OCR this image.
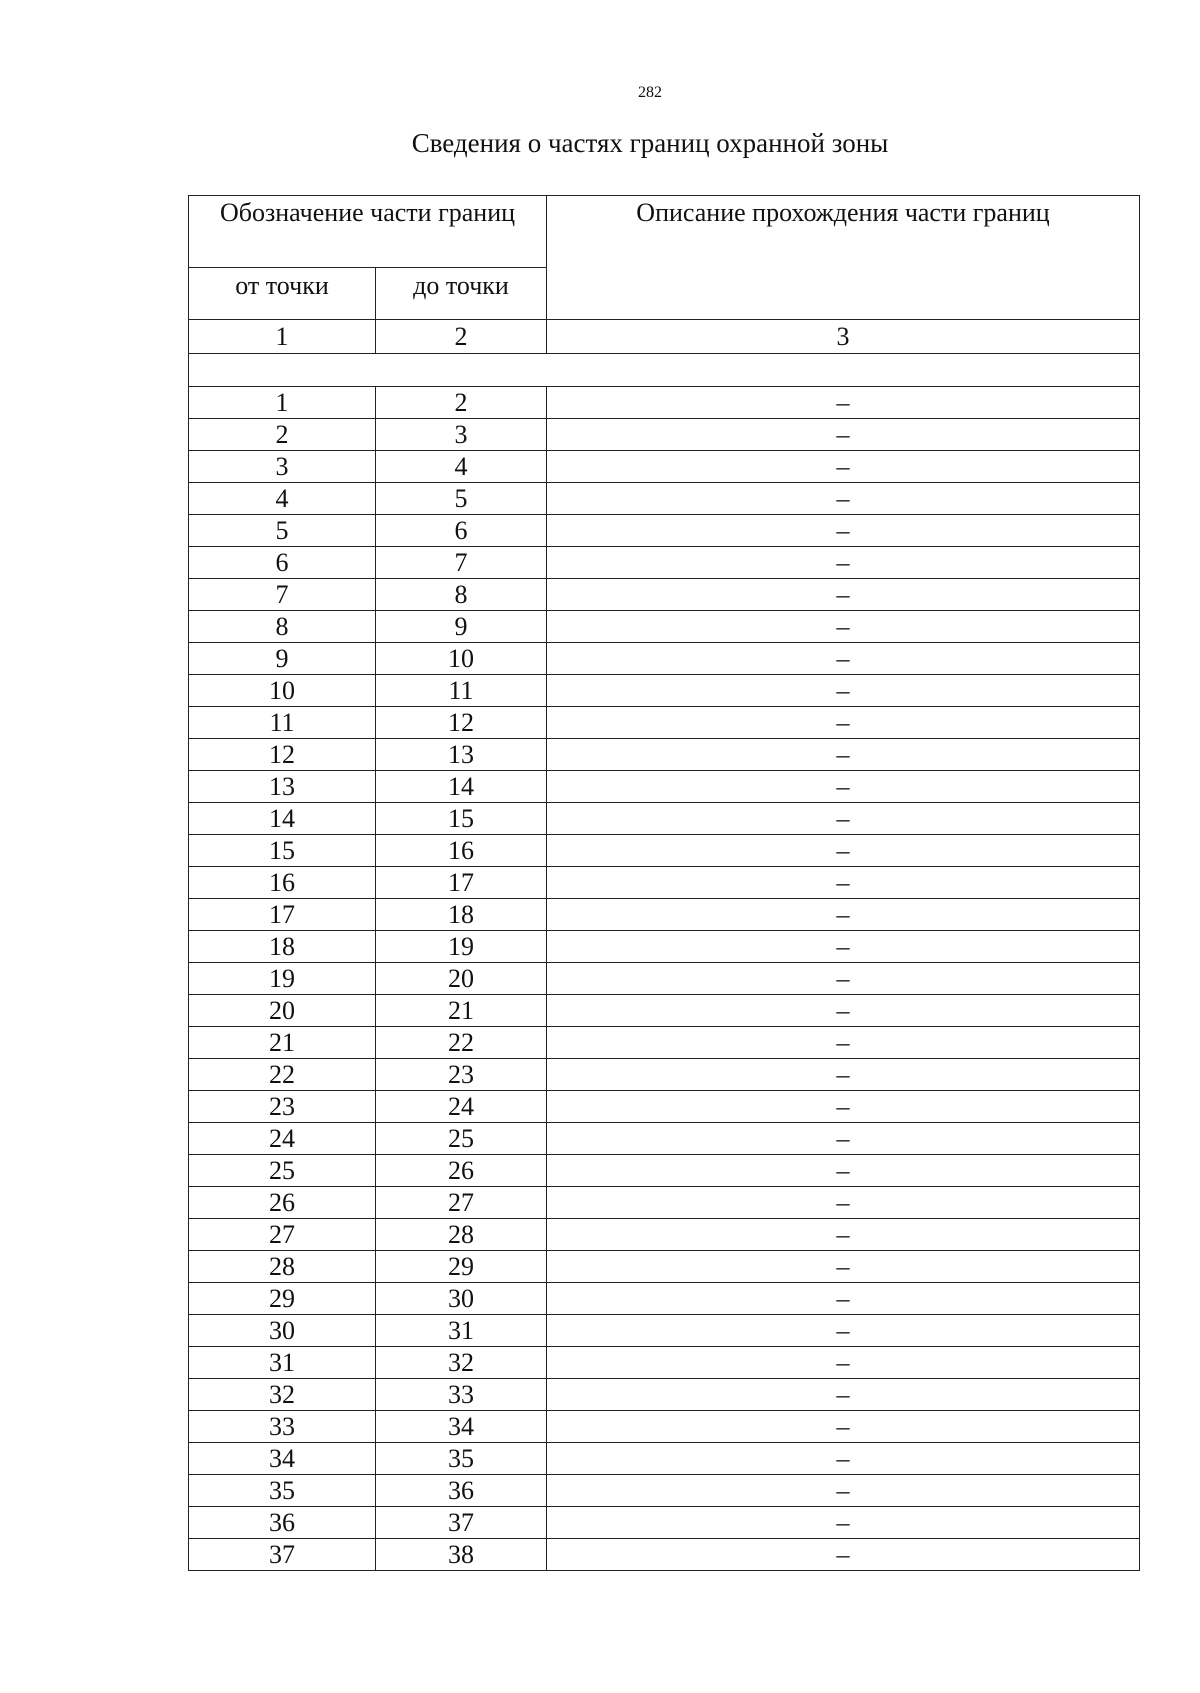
282
Сведения о частях границ охранной зоны
Обозначение части границ		Описание прохождения части границ
от точки	до точки	
1	2	3

1	2	–
2	3	–
3	4	–
4	5	–
5	6	–
6	7	–
7	8	–
8	9	–
9	10	–
10	11	–
11	12	–
12	13	–
13	14	–
14	15	–
15	16	–
16	17	–
17	18	–
18	19	–
19	20	–
20	21	–
21	22	–
22	23	–
23	24	–
24	25	–
25	26	–
26	27	–
27	28	–
28	29	–
29	30	–
30	31	–
31	32	–
32	33	–
33	34	–
34	35	–
35	36	–
36	37	–
37	38	–
